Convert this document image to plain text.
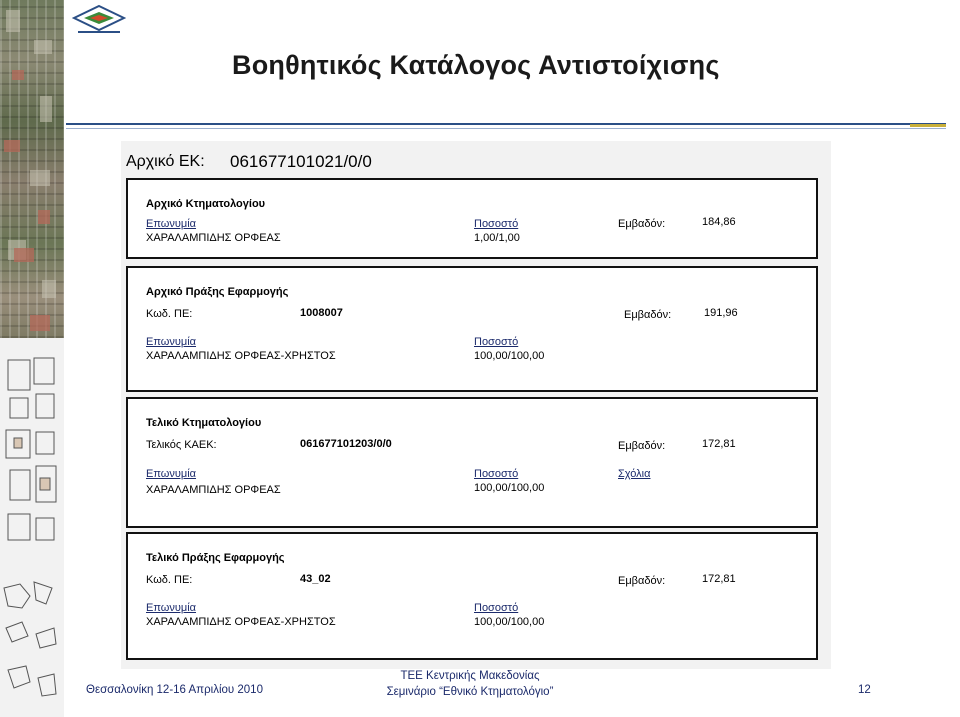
Βοηθητικός Κατάλογος Αντιστοίχισης
Αρχικό ΕΚ: 061677101021/0/0
Αρχικό Κτηματολογίου
Επωνυμία	Ποσοστό	Εμβαδόν:	184,86
ΧΑΡΑΛΑΜΠΙΔΗΣ ΟΡΦΕΑΣ	1,00/1,00
Αρχικό Πράξης Εφαρμογής
Κωδ. ΠΕ:	1008007	Εμβαδόν:	191,96
Επωνυμία	Ποσοστό
ΧΑΡΑΛΑΜΠΙΔΗΣ ΟΡΦΕΑΣ-ΧΡΗΣΤΟΣ	100,00/100,00
Τελικό Κτηματολογίου
Τελικός ΚΑΕΚ:	061677101203/0/0	Εμβαδόν:	172,81
Επωνυμία	Ποσοστό	Σχόλια
ΧΑΡΑΛΑΜΠΙΔΗΣ ΟΡΦΕΑΣ	100,00/100,00
Τελικό Πράξης Εφαρμογής
Κωδ. ΠΕ:	43_02	Εμβαδόν:	172,81
Επωνυμία	Ποσοστό
ΧΑΡΑΛΑΜΠΙΔΗΣ ΟΡΦΕΑΣ-ΧΡΗΣΤΟΣ	100,00/100,00
Θεσσαλονίκη 12-16 Απριλίου 2010
ΤΕΕ Κεντρικής Μακεδονίας
Σεμινάριο “Εθνικό Κτηματολόγιο”	12
